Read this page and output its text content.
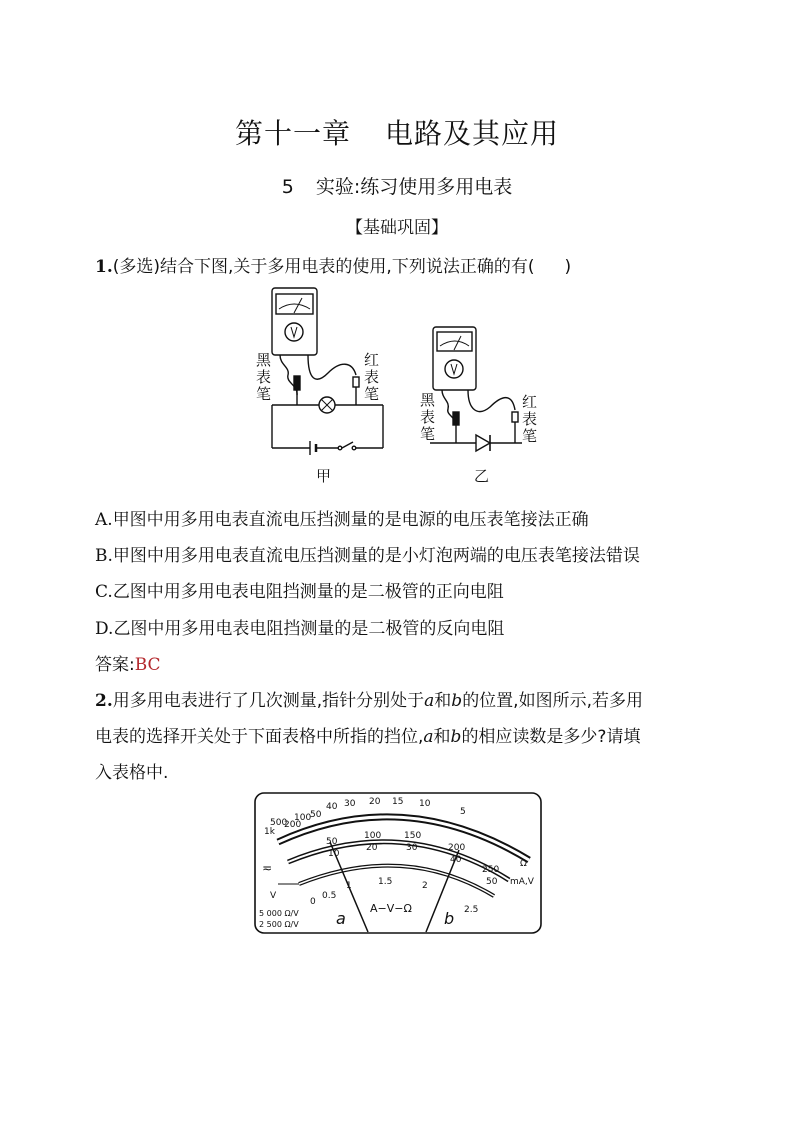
第十一章 电路及其应用
5 实验:练习使用多用电表
【基础巩固】
1.(多选)结合下图,关于多用电表的使用,下列说法正确的有( )
黑
表
笔
红
表
笔
甲
黑
表
笔
红
表
笔
乙
A.甲图中用多用电表直流电压挡测量的是电源的电压表笔接法正确
B.甲图中用多用电表直流电压挡测量的是小灯泡两端的电压表笔接法错误
C.乙图中用多用电表电阻挡测量的是二极管的正向电阻
D.乙图中用多用电表电阻挡测量的是二极管的反向电阻
答案:BC
2.用多用电表进行了几次测量,指针分别处于a和b的位置,如图所示,若多用
电表的选择开关处于下面表格中所指的挡位,a和b的相应读数是多少?请填
入表格中.
1k
500
200
100
50
40 30 20 15 10
5
Ω
50
100	150
200
250
10
20	30
40
50 mA,V
≂
V
0
0.5
1	1.5	2
2.5
A−V−Ω
5 000 Ω/V
2 500 Ω/V a	b
